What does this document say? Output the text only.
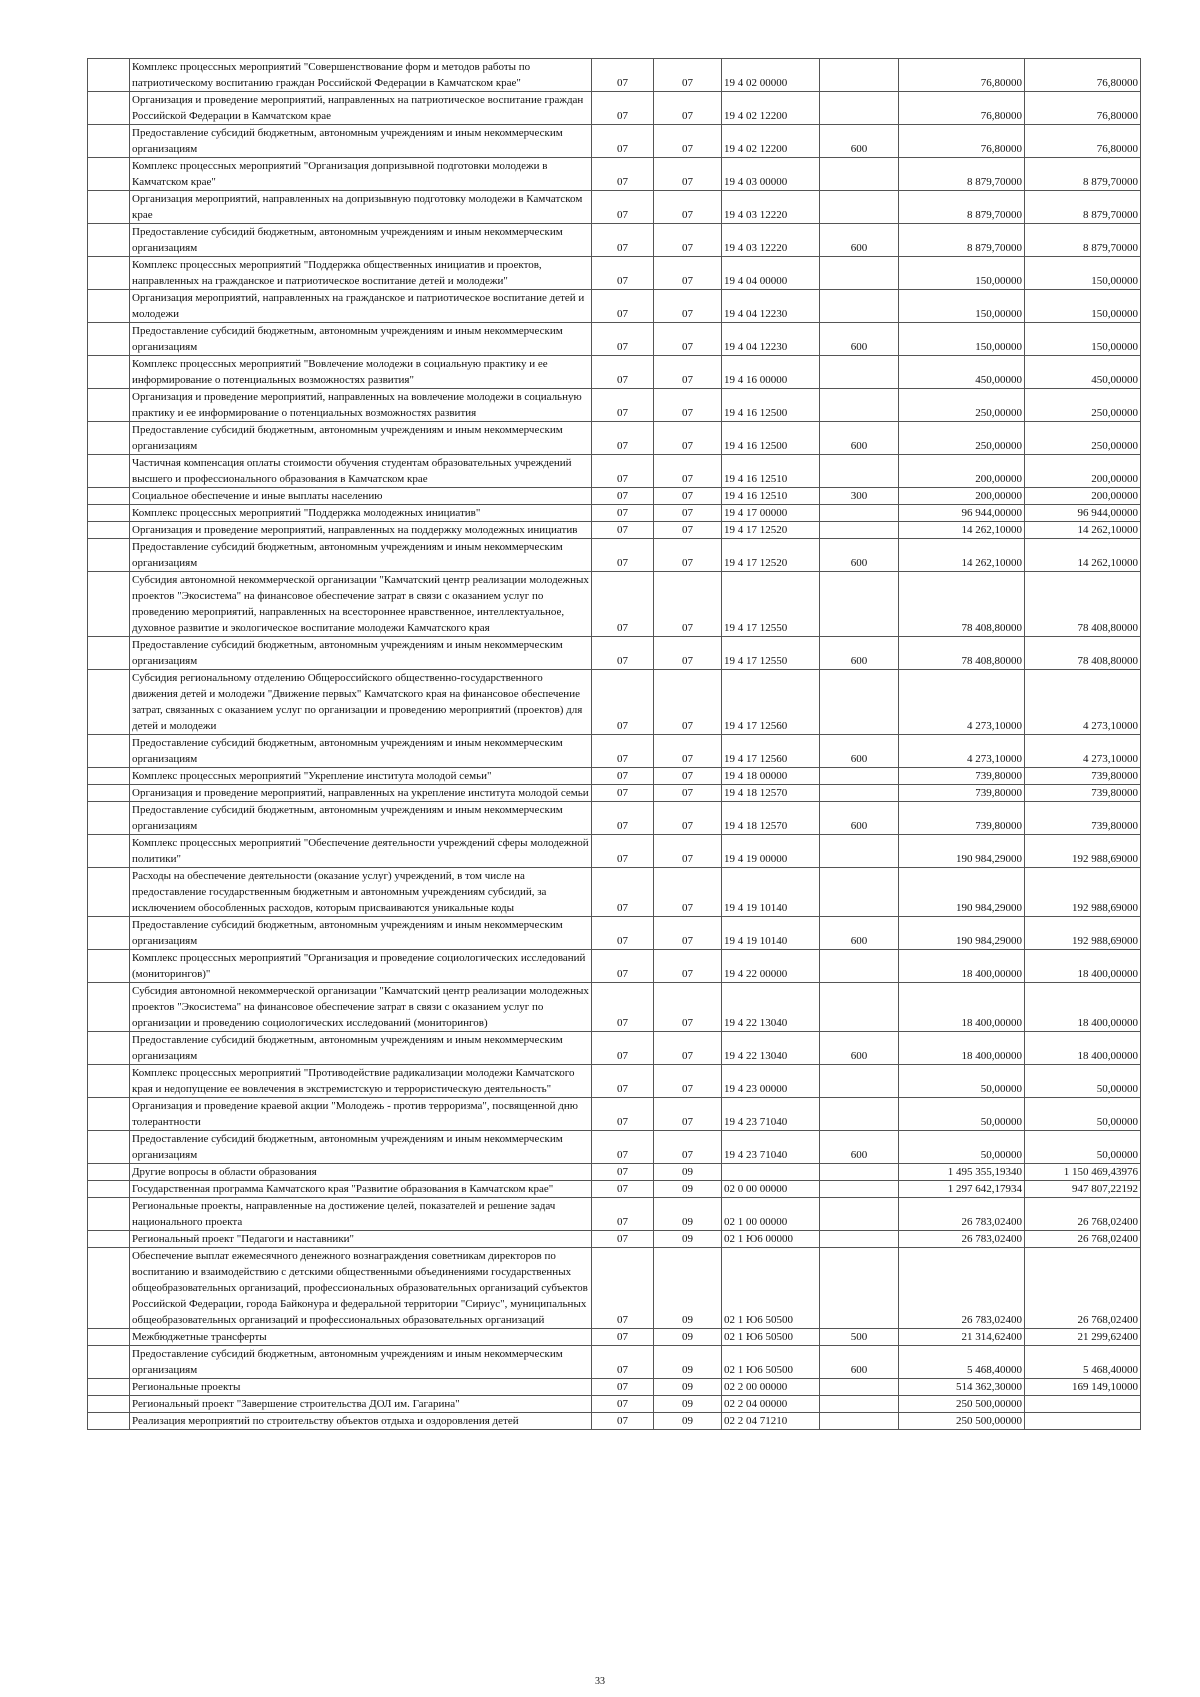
	Комплекс процессных мероприятий "Совершенствование форм и методов работы по патриотическому воспитанию граждан Российской Федерации в Камчатском крае"	07	07	19 4 02 00000		76,80000	76,80000
	Организация и проведение мероприятий, направленных на патриотическое воспитание граждан Российской Федерации в Камчатском крае	07	07	19 4 02 12200		76,80000	76,80000
	Предоставление субсидий бюджетным, автономным учреждениям и иным некоммерческим организациям	07	07	19 4 02 12200	600	76,80000	76,80000
	Комплекс процессных мероприятий "Организация допризывной подготовки молодежи в Камчатском крае"	07	07	19 4 03 00000		8 879,70000	8 879,70000
	Организация мероприятий, направленных на допризывную подготовку молодежи в Камчатском крае	07	07	19 4 03 12220		8 879,70000	8 879,70000
	Предоставление субсидий бюджетным, автономным учреждениям и иным некоммерческим организациям	07	07	19 4 03 12220	600	8 879,70000	8 879,70000
	Комплекс процессных мероприятий "Поддержка общественных инициатив и проектов, направленных на гражданское и патриотическое воспитание детей и молодежи"	07	07	19 4 04 00000		150,00000	150,00000
	Организация мероприятий, направленных на гражданское и патриотическое воспитание детей и молодежи	07	07	19 4 04 12230		150,00000	150,00000
	Предоставление субсидий бюджетным, автономным учреждениям и иным некоммерческим организациям	07	07	19 4 04 12230	600	150,00000	150,00000
	Комплекс процессных мероприятий "Вовлечение молодежи в социальную практику и ее информирование о потенциальных возможностях развития"	07	07	19 4 16 00000		450,00000	450,00000
	Организация и проведение мероприятий, направленных на вовлечение молодежи в социальную практику и ее информирование о потенциальных возможностях развития	07	07	19 4 16 12500		250,00000	250,00000
	Предоставление субсидий бюджетным, автономным учреждениям и иным некоммерческим организациям	07	07	19 4 16 12500	600	250,00000	250,00000
	Частичная компенсация оплаты стоимости обучения студентам образовательных учреждений высшего и профессионального образования в Камчатском крае	07	07	19 4 16 12510		200,00000	200,00000
	Социальное обеспечение и иные выплаты населению	07	07	19 4 16 12510	300	200,00000	200,00000
	Комплекс процессных мероприятий "Поддержка молодежных инициатив"	07	07	19 4 17 00000		96 944,00000	96 944,00000
	Организация и проведение мероприятий, направленных на поддержку молодежных инициатив	07	07	19 4 17 12520		14 262,10000	14 262,10000
	Предоставление субсидий бюджетным, автономным учреждениям и иным некоммерческим организациям	07	07	19 4 17 12520	600	14 262,10000	14 262,10000
	Субсидия автономной некоммерческой организации "Камчатский центр реализации молодежных проектов "Экосистема" на финансовое обеспечение затрат в связи с оказанием услуг по проведению мероприятий, направленных на всестороннее нравственное, интеллектуальное, духовное развитие и экологическое воспитание молодежи Камчатского края	07	07	19 4 17 12550		78 408,80000	78 408,80000
	Предоставление субсидий бюджетным, автономным учреждениям и иным некоммерческим организациям	07	07	19 4 17 12550	600	78 408,80000	78 408,80000
	Субсидия региональному отделению Общероссийского общественно-государственного движения детей и молодежи "Движение первых" Камчатского края на финансовое обеспечение затрат, связанных с оказанием услуг по организации и проведению мероприятий (проектов) для детей и молодежи	07	07	19 4 17 12560		4 273,10000	4 273,10000
	Предоставление субсидий бюджетным, автономным учреждениям и иным некоммерческим организациям	07	07	19 4 17 12560	600	4 273,10000	4 273,10000
	Комплекс процессных мероприятий "Укрепление института молодой семьи"	07	07	19 4 18 00000		739,80000	739,80000
	Организация и проведение мероприятий, направленных на укрепление института молодой семьи	07	07	19 4 18 12570		739,80000	739,80000
	Предоставление субсидий бюджетным, автономным учреждениям и иным некоммерческим организациям	07	07	19 4 18 12570	600	739,80000	739,80000
	Комплекс процессных мероприятий "Обеспечение деятельности учреждений сферы молодежной политики"	07	07	19 4 19 00000		190 984,29000	192 988,69000
	Расходы на обеспечение деятельности (оказание услуг) учреждений, в том числе на предоставление государственным бюджетным и автономным учреждениям субсидий, за исключением обособленных расходов, которым присваиваются уникальные коды	07	07	19 4 19 10140		190 984,29000	192 988,69000
	Предоставление субсидий бюджетным, автономным учреждениям и иным некоммерческим организациям	07	07	19 4 19 10140	600	190 984,29000	192 988,69000
	Комплекс процессных мероприятий "Организация и проведение социологических исследований (мониторингов)"	07	07	19 4 22 00000		18 400,00000	18 400,00000
	Субсидия автономной некоммерческой организации "Камчатский центр реализации молодежных проектов "Экосистема" на финансовое обеспечение затрат в связи с оказанием услуг по организации и проведению социологических исследований (мониторингов)	07	07	19 4 22 13040		18 400,00000	18 400,00000
	Предоставление субсидий бюджетным, автономным учреждениям и иным некоммерческим организациям	07	07	19 4 22 13040	600	18 400,00000	18 400,00000
	Комплекс процессных мероприятий "Противодействие радикализации молодежи Камчатского края и недопущение ее вовлечения в экстремистскую и террористическую деятельность"	07	07	19 4 23 00000		50,00000	50,00000
	Организация и проведение краевой акции "Молодежь - против терроризма", посвященной дню толерантности	07	07	19 4 23 71040		50,00000	50,00000
	Предоставление субсидий бюджетным, автономным учреждениям и иным некоммерческим организациям	07	07	19 4 23 71040	600	50,00000	50,00000
	Другие вопросы в области образования	07	09			1 495 355,19340	1 150 469,43976
	Государственная программа Камчатского края "Развитие образования в Камчатском крае"	07	09	02 0 00 00000		1 297 642,17934	947 807,22192
	Региональные проекты, направленные на достижение целей, показателей и решение задач национального проекта	07	09	02 1 00 00000		26 783,02400	26 768,02400
	Региональный проект "Педагоги и наставники"	07	09	02 1 Ю6 00000		26 783,02400	26 768,02400
	Обеспечение выплат ежемесячного денежного вознаграждения советникам директоров по воспитанию и взаимодействию с детскими общественными объединениями государственных общеобразовательных организаций, профессиональных образовательных организаций субъектов Российской Федерации, города Байконура и федеральной территории "Сириус", муниципальных общеобразовательных организаций и профессиональных образовательных организаций	07	09	02 1 Ю6 50500		26 783,02400	26 768,02400
	Межбюджетные трансферты	07	09	02 1 Ю6 50500	500	21 314,62400	21 299,62400
	Предоставление субсидий бюджетным, автономным учреждениям и иным некоммерческим организациям	07	09	02 1 Ю6 50500	600	5 468,40000	5 468,40000
	Региональные проекты	07	09	02 2 00 00000		514 362,30000	169 149,10000
	Региональный проект "Завершение строительства ДОЛ им. Гагарина"	07	09	02 2 04 00000		250 500,00000	
	Реализация мероприятий по строительству объектов отдыха и оздоровления детей	07	09	02 2 04 71210		250 500,00000	
33
